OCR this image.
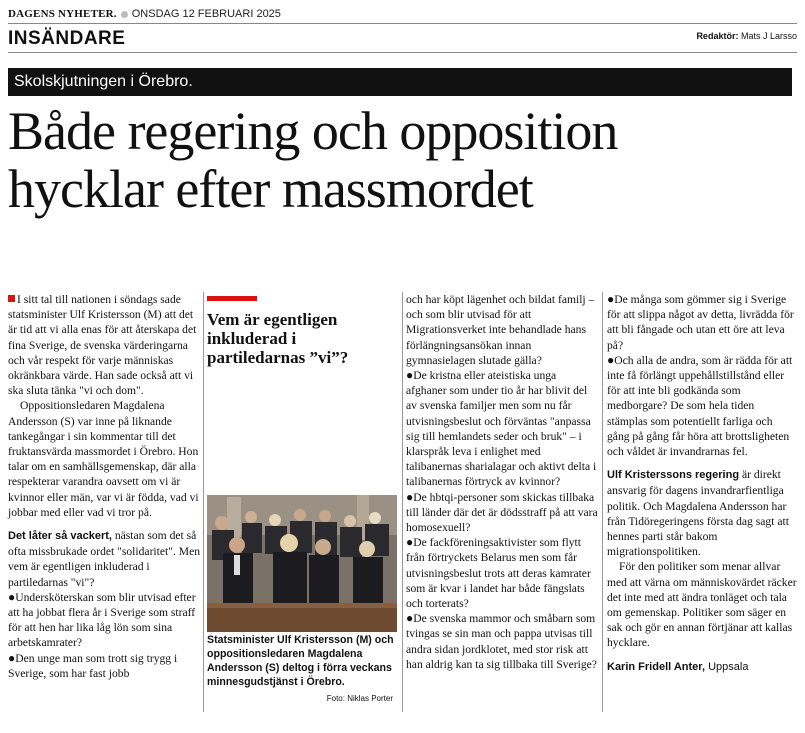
DAGENS NYHETER. ONSDAG 12 FEBRUARI 2025
INSÄNDARE	Redaktör: Mats J Larsso
Skolskjutningen i Örebro.
Både regering och opposition
hycklar efter massmordet

I sitt tal till nationen i söndags sade statsminister Ulf Kristersson (M) att det är tid att vi alla enas för att återskapa det fina Sverige, de svenska värderingarna och vår respekt för varje människas okränkbara värde. Han sade också att vi ska sluta tänka "vi och dom".

Oppositionsledaren Magdalena Andersson (S) var inne på liknande tankegångar i sin kommentar till det fruktansvärda massmordet i Örebro. Hon talar om en samhällsgemenskap, där alla respekterar varandra oavsett om vi är kvinnor eller män, var vi är födda, vad vi jobbar med eller vad vi tror på.

Det låter så vackert, nästan som det så ofta missbrukade ordet "solidaritet". Men vem är egentligen inkluderad i partiledarnas "vi"?

●Undersköterskan som blir utvisad efter att ha jobbat flera år i Sverige som straff för att hen har lika låg lön som sina arbetskamrater?

●Den unge man som trott sig trygg i Sverige, som har fast jobb

Vem är egentligen inkluderad i partiledarnas ”vi”?
Statsminister Ulf Kristersson (M) och oppositionsledaren Magdalena Andersson (S) deltog i förra veckans minnesgudstjänst i Örebro.
Foto: Niklas Porter

och har köpt lägenhet och bildat familj – och som blir utvisad för att Migrationsverket inte behandlade hans förlängningsansökan innan gymnasielagen slutade gälla?

●De kristna eller ateistiska unga afghaner som under tio år har blivit del av svenska familjer men som nu får utvisningsbeslut och förväntas "anpassa sig till hemlandets seder och bruk" – i klarspråk leva i enlighet med talibanernas sharialagar och aktivt delta i talibanernas förtryck av kvinnor?

●De hbtqi-personer som skickas tillbaka till länder där det är dödsstraff på att vara homosexuell?

●De fackföreningsaktivister som flytt från förtryckets Belarus men som får utvisningsbeslut trots att deras kamrater som är kvar i landet har både fängslats och torterats?

●De svenska mammor och småbarn som tvingas se sin man och pappa utvisas till andra sidan jordklotet, med stor risk att han aldrig kan ta sig tillbaka till Sverige?

●De många som gömmer sig i Sverige för att slippa något av detta, livrädda för att bli fångade och utan ett öre att leva på?

●Och alla de andra, som är rädda för att inte få förlängt uppehållstillstånd eller för att inte bli godkända som medborgare? De som hela tiden stämplas som potentiellt farliga och gång på gång får höra att brottsligheten och våldet är invandrarnas fel.

Ulf Kristerssons regering är direkt ansvarig för dagens invandrarfientliga politik. Och Magdalena Andersson har från Tidöregeringens första dag sagt att hennes parti står bakom migrationspolitiken.

För den politiker som menar allvar med att värna om människovärdet räcker det inte med att ändra tonläget och tala om gemenskap. Politiker som säger en sak och gör en annan förtjänar att kallas hycklare.

Karin Fridell Anter, Uppsala
